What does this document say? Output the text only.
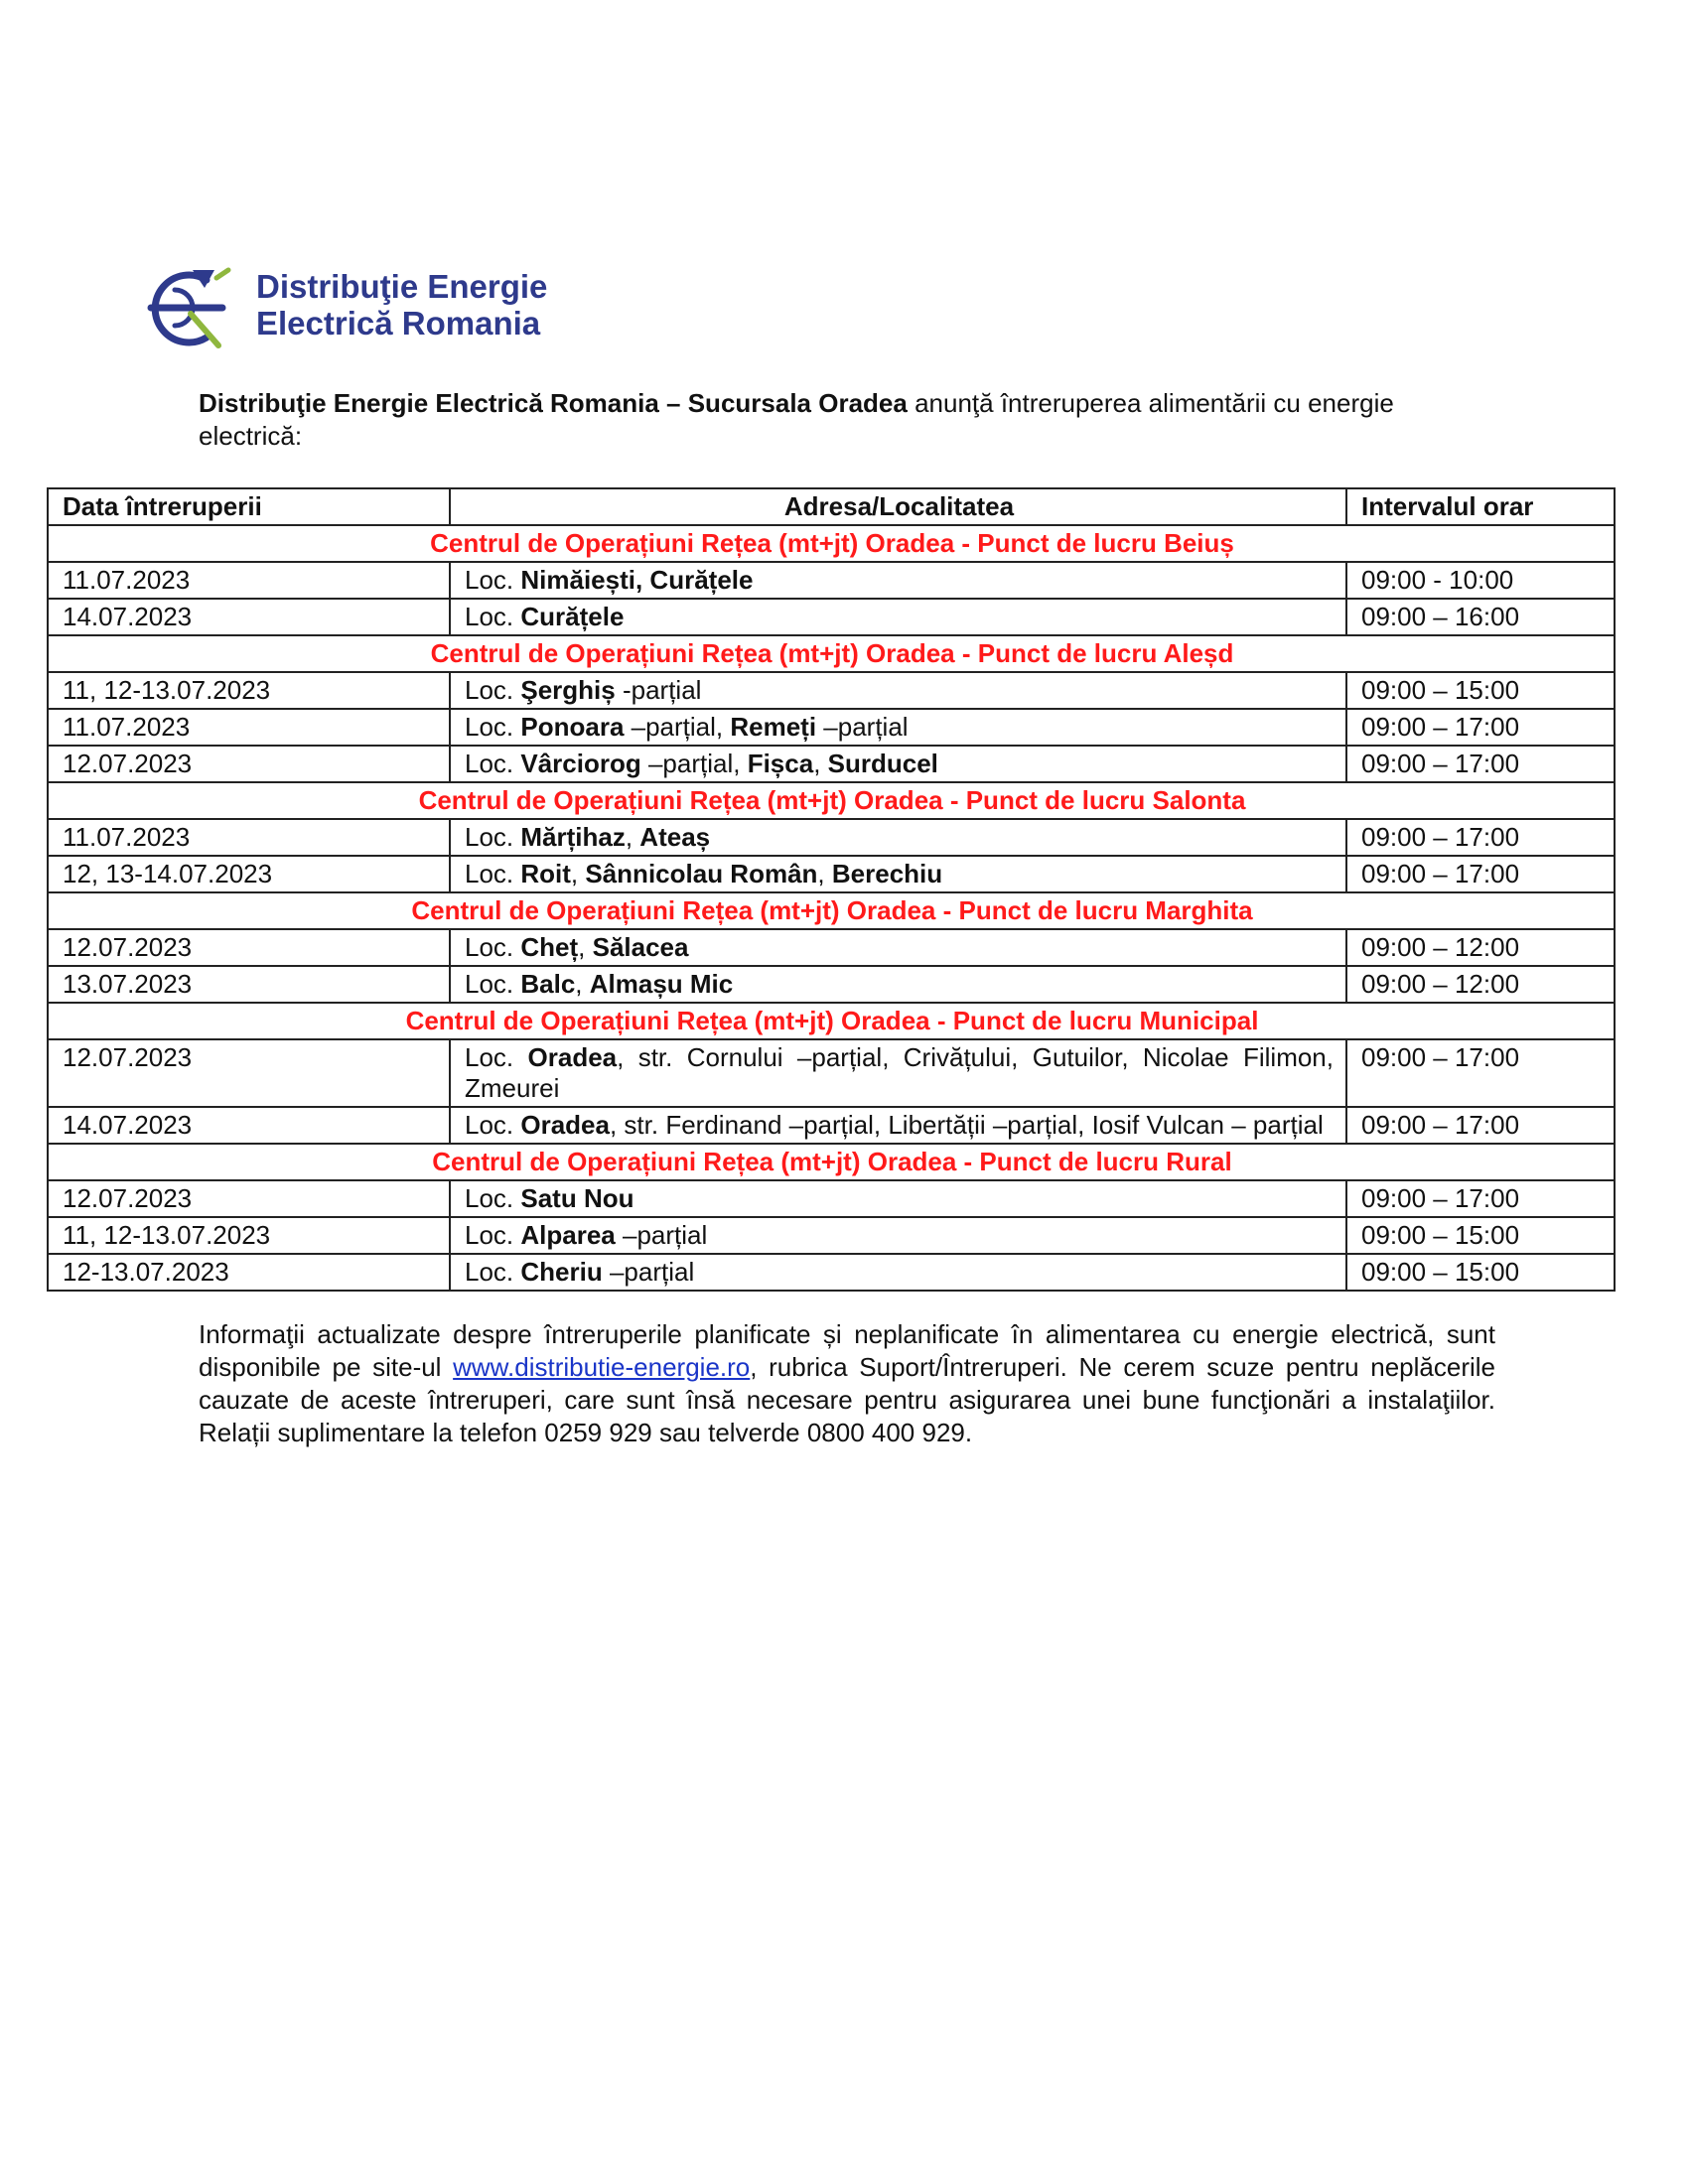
Distribuţie Energie
Electrică Romania
Distribuţie Energie Electrică Romania – Sucursala Oradea anunţă întreruperea alimentării cu energie electrică:
Data întreruperii	Adresa/Localitatea	Intervalul orar
Centrul de Operațiuni Rețea (mt+jt) Oradea - Punct de lucru Beiuș		
11.07.2023	Loc. Nimăiești, Curățele	09:00 - 10:00
14.07.2023	Loc. Curățele	09:00 – 16:00
Centrul de Operațiuni Rețea (mt+jt) Oradea - Punct de lucru Aleșd		
11, 12-13.07.2023	Loc. Şerghiș -parțial	09:00 – 15:00
11.07.2023	Loc. Ponoara –parțial, Remeți –parțial	09:00 – 17:00
12.07.2023	Loc. Vârciorog –parțial, Fișca, Surducel	09:00 – 17:00
Centrul de Operațiuni Rețea (mt+jt) Oradea - Punct de lucru Salonta		
11.07.2023	Loc. Mărțihaz, Ateaș	09:00 – 17:00
12, 13-14.07.2023	Loc. Roit, Sânnicolau Român, Berechiu	09:00 – 17:00
Centrul de Operațiuni Rețea (mt+jt) Oradea - Punct de lucru Marghita		
12.07.2023	Loc. Cheț, Sălacea	09:00 – 12:00
13.07.2023	Loc. Balc, Almașu Mic	09:00 – 12:00
Centrul de Operațiuni Rețea (mt+jt) Oradea - Punct de lucru Municipal		
12.07.2023	Loc. Oradea, str. Cornului –parțial, Crivățului, Gutuilor, Nicolae Filimon, Zmeurei	09:00 – 17:00
14.07.2023	Loc. Oradea, str. Ferdinand –parțial, Libertății –parțial, Iosif Vulcan – parțial	09:00 – 17:00
Centrul de Operațiuni Rețea (mt+jt) Oradea - Punct de lucru Rural		
12.07.2023	Loc. Satu Nou	09:00 – 17:00
11, 12-13.07.2023	Loc. Alparea –parțial	09:00 – 15:00
12-13.07.2023	Loc. Cheriu –parțial	09:00 – 15:00
Informaţii actualizate despre întreruperile planificate și neplanificate în alimentarea cu energie electrică, sunt disponibile pe site-ul www.distributie-energie.ro, rubrica Suport/Întreruperi. Ne cerem scuze pentru neplăcerile cauzate de aceste întreruperi, care sunt însă necesare pentru asigurarea unei bune funcţionări a instalaţiilor. Relații suplimentare la telefon 0259 929 sau telverde 0800 400 929.
